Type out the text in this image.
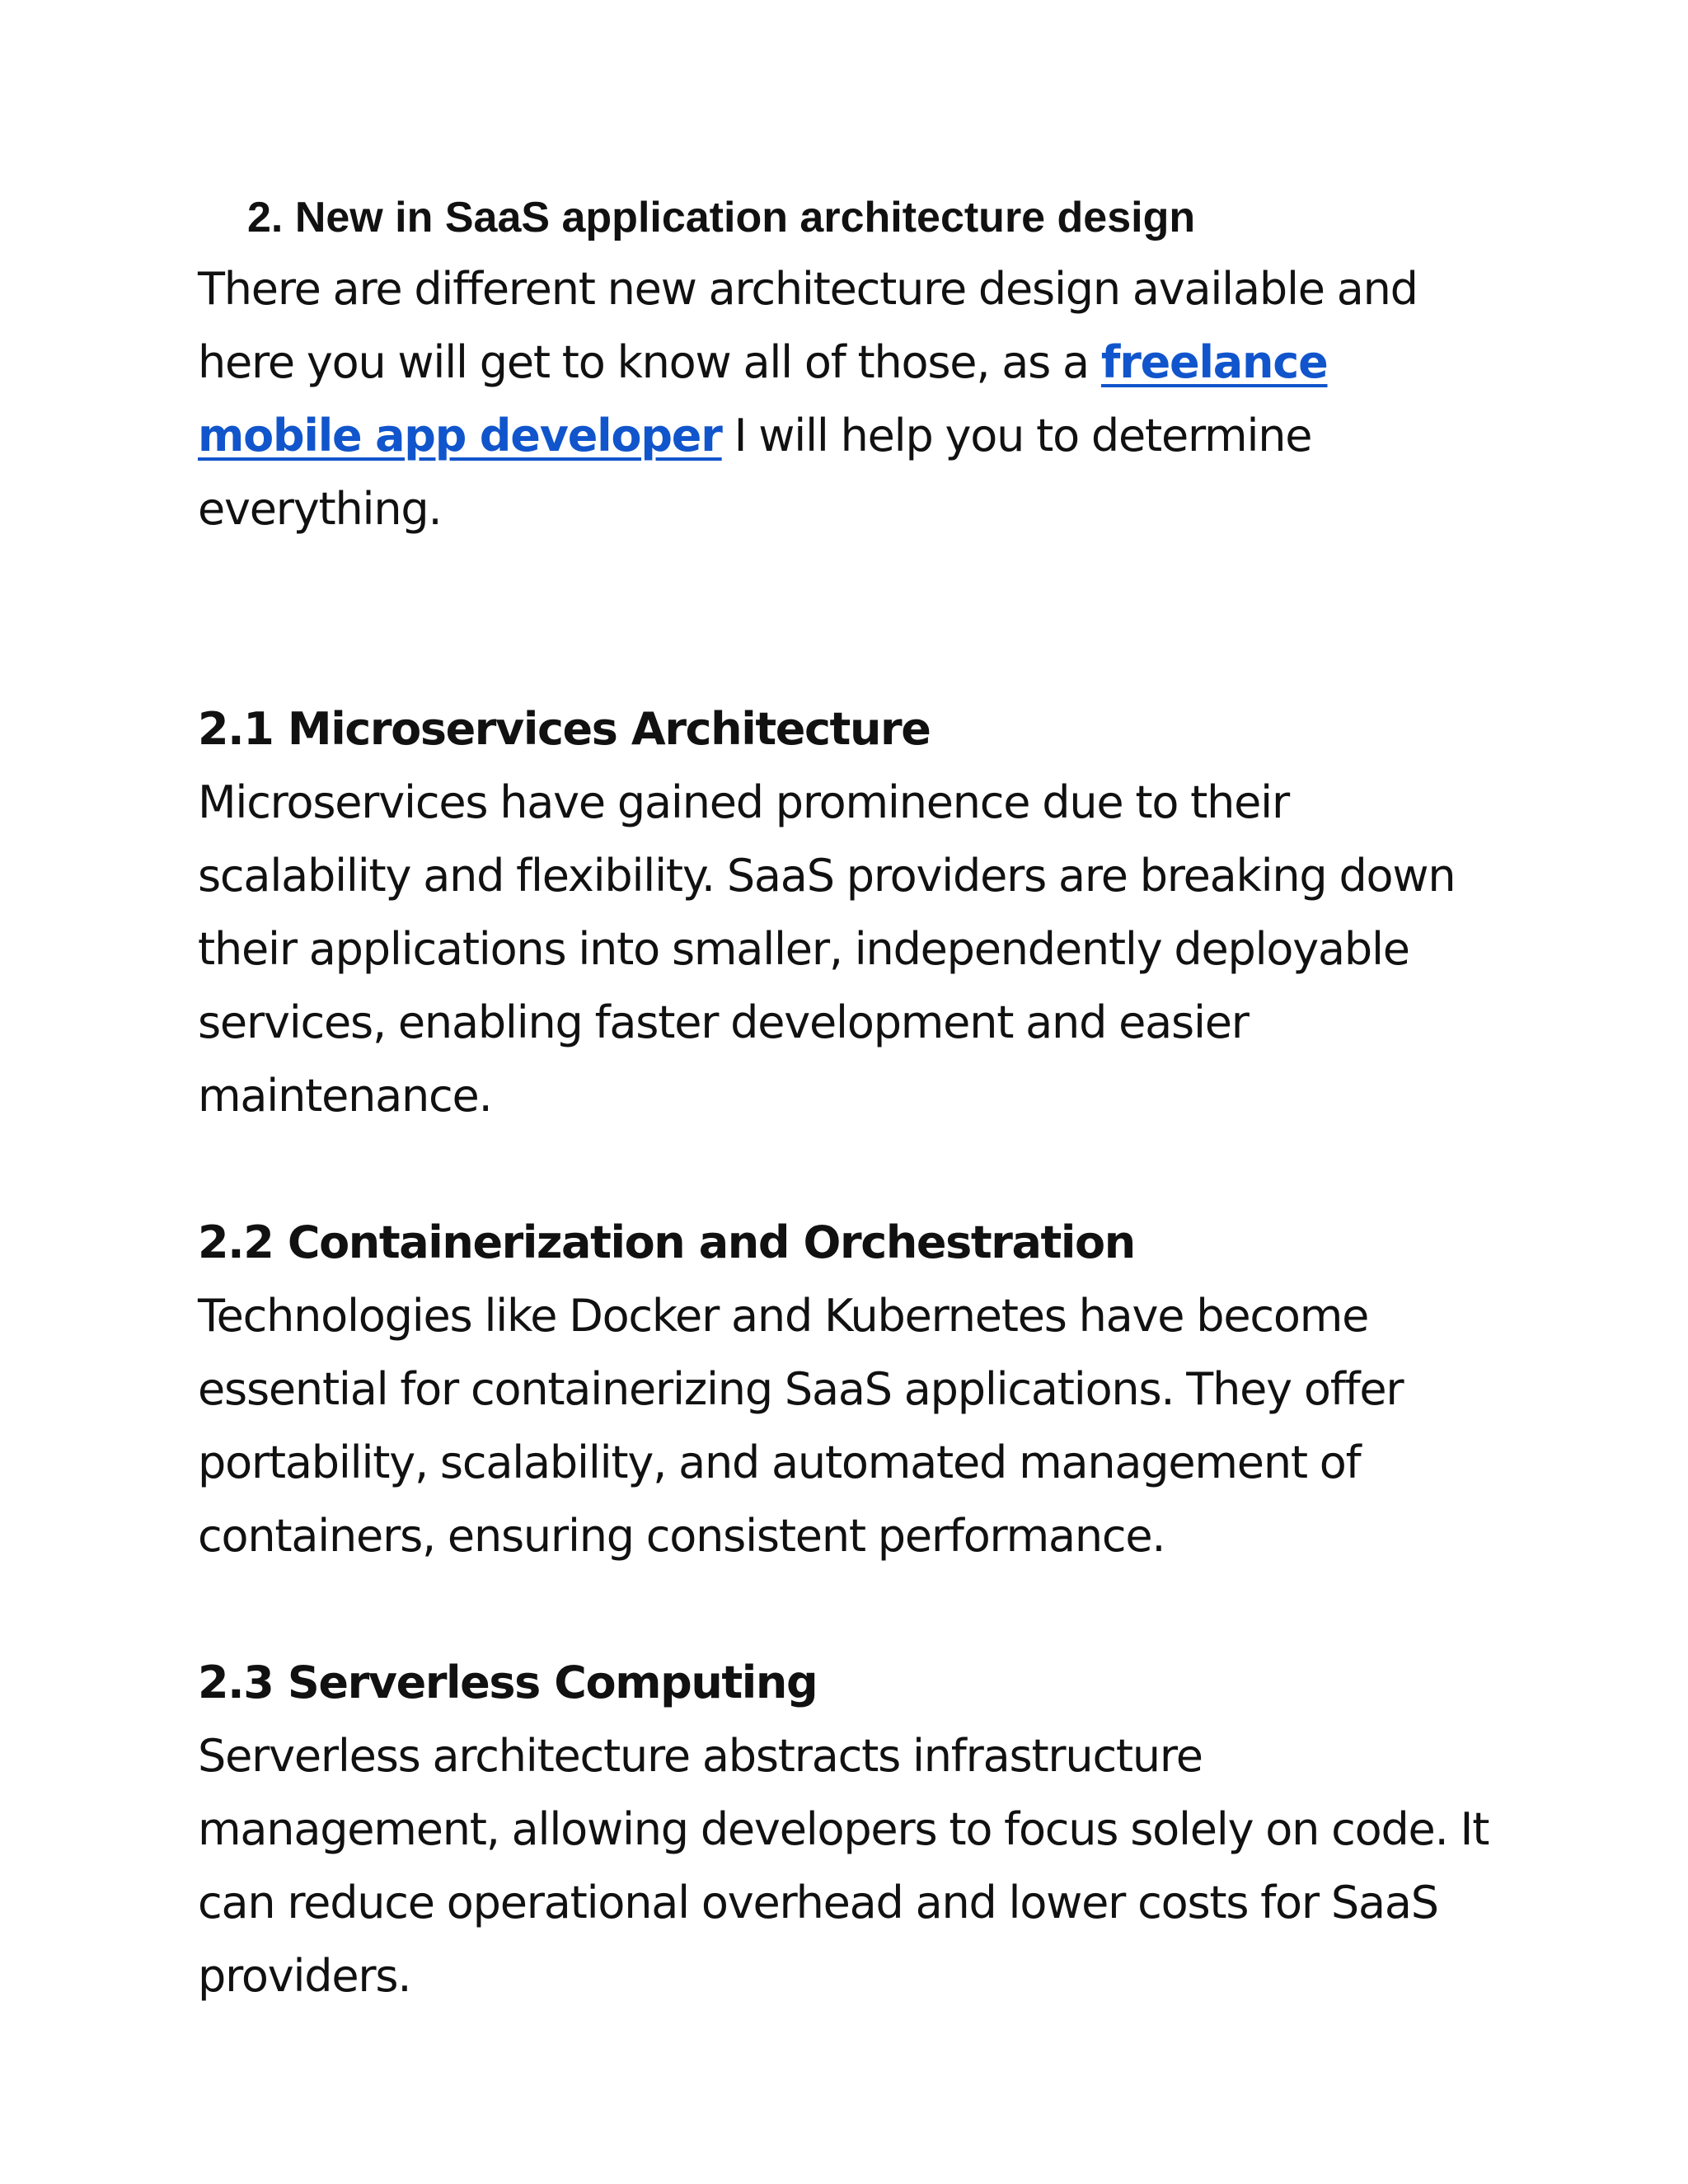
2. New in SaaS application architecture design

There are different new architecture design available and here you will get to know all of those, as a freelance mobile app developer I will help you to determine everything.

2.1 Microservices Architecture

Microservices have gained prominence due to their scalability and flexibility. SaaS providers are breaking down their applications into smaller, independently deployable services, enabling faster development and easier maintenance.

2.2 Containerization and Orchestration

Technologies like Docker and Kubernetes have become essential for containerizing SaaS applications. They offer portability, scalability, and automated management of containers, ensuring consistent performance.

2.3 Serverless Computing

Serverless architecture abstracts infrastructure management, allowing developers to focus solely on code. It can reduce operational overhead and lower costs for SaaS providers.
